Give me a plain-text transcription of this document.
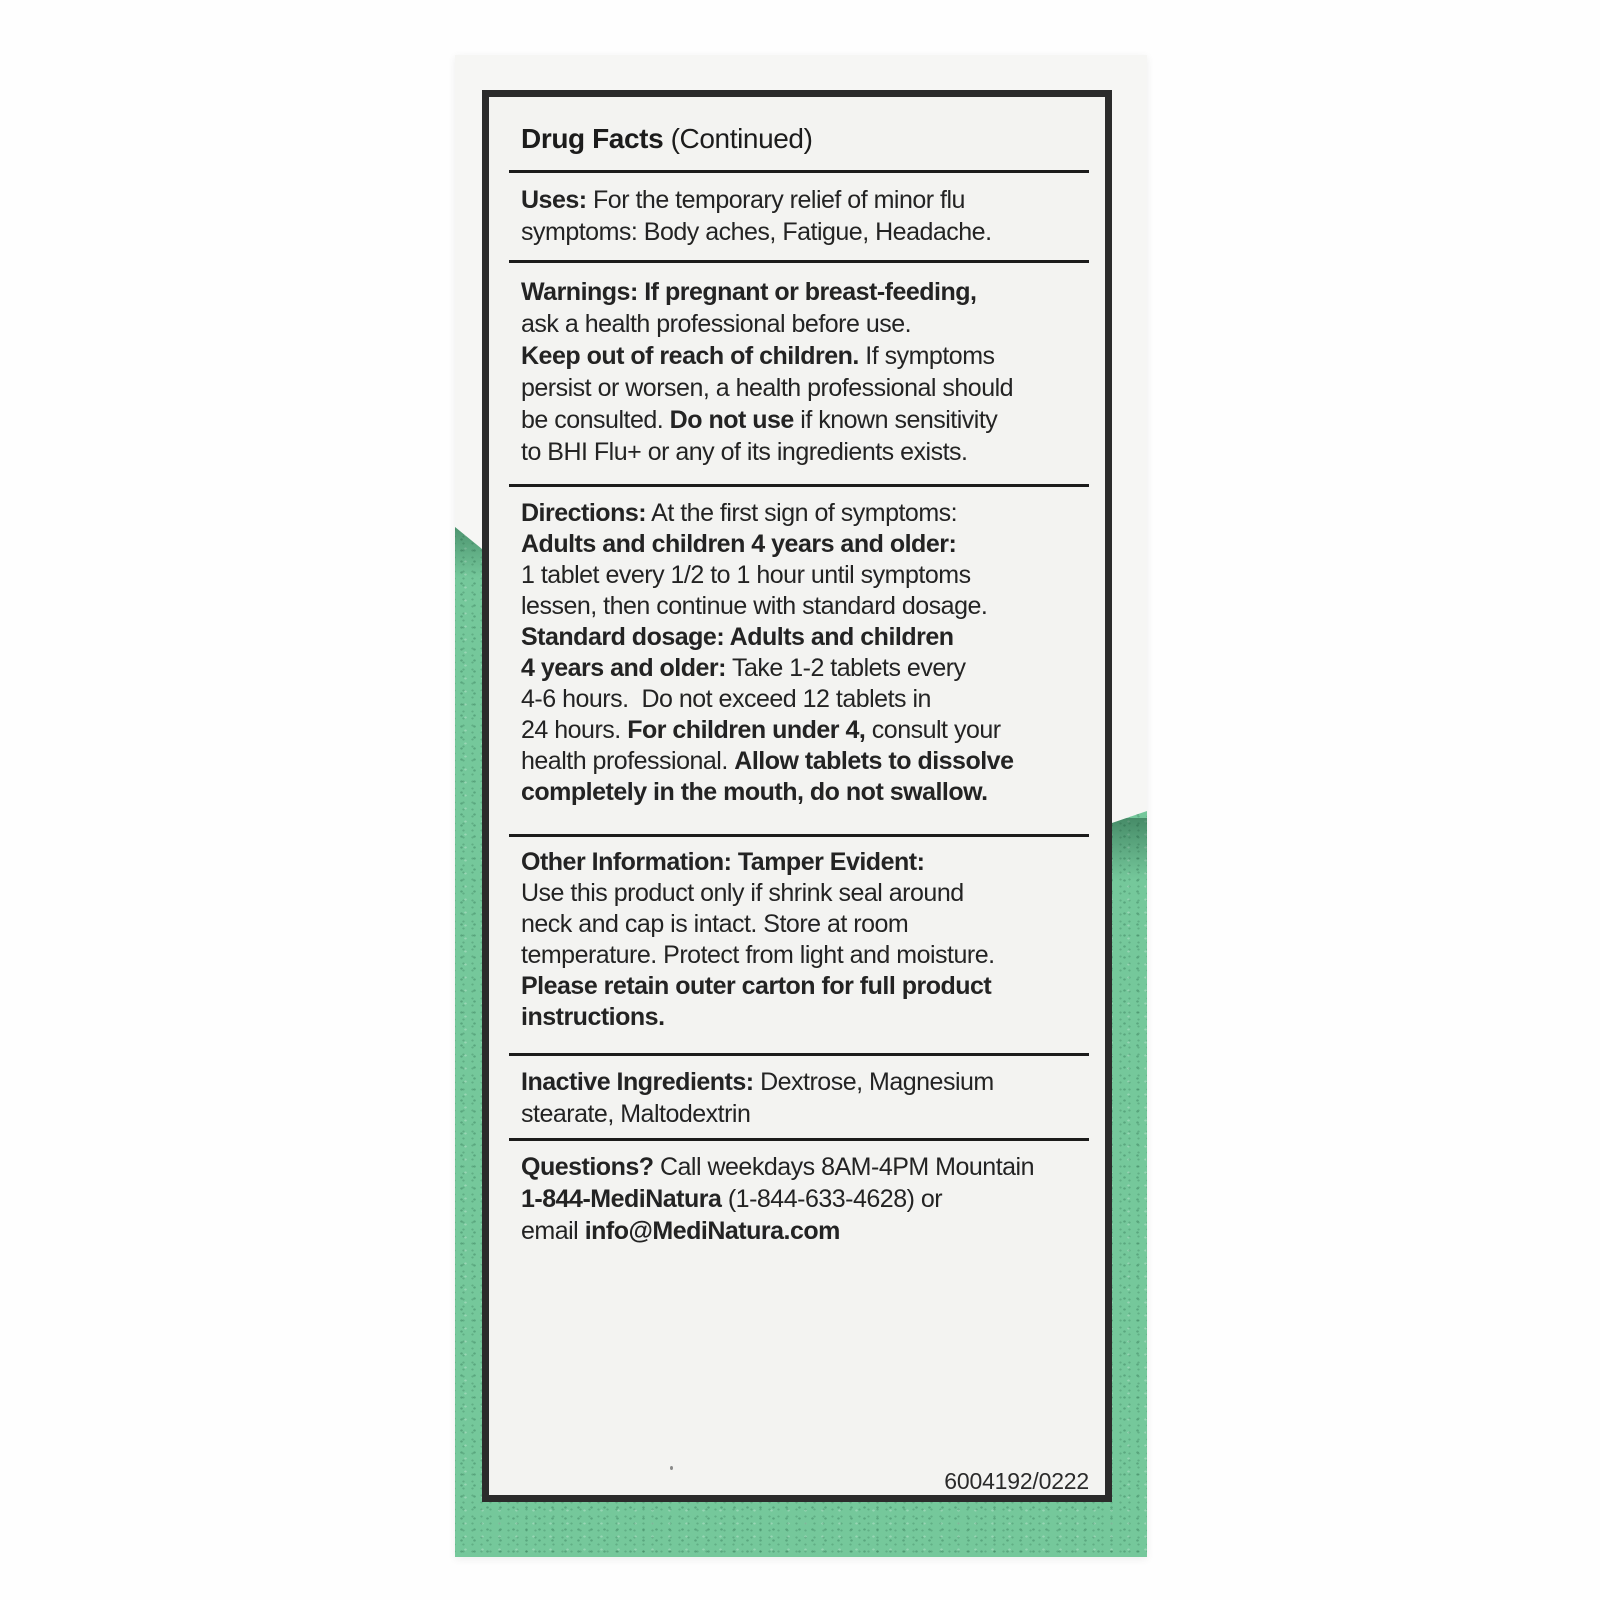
Drug Facts (Continued)
Uses: For the temporary relief of minor flu
symptoms: Body aches, Fatigue, Headache.
Warnings: If pregnant or breast-feeding,
ask a health professional before use.
Keep out of reach of children. If symptoms
persist or worsen, a health professional should
be consulted. Do not use if known sensitivity
to BHI Flu+ or any of its ingredients exists.
Directions: At the first sign of symptoms:
Adults and children 4 years and older:
1 tablet every 1/2 to 1 hour until symptoms
lessen, then continue with standard dosage.
Standard dosage: Adults and children
4 years and older: Take 1-2 tablets every
4-6 hours.  Do not exceed 12 tablets in
24 hours. For children under 4, consult your
health professional. Allow tablets to dissolve
completely in the mouth, do not swallow.
Other Information: Tamper Evident:
Use this product only if shrink seal around
neck and cap is intact. Store at room
temperature. Protect from light and moisture.
Please retain outer carton for full product
instructions.
Inactive Ingredients: Dextrose, Magnesium
stearate, Maltodextrin
Questions? Call weekdays 8AM-4PM Mountain
1-844-MediNatura (1-844-633-4628) or
email info@MediNatura.com
6004192/0222
